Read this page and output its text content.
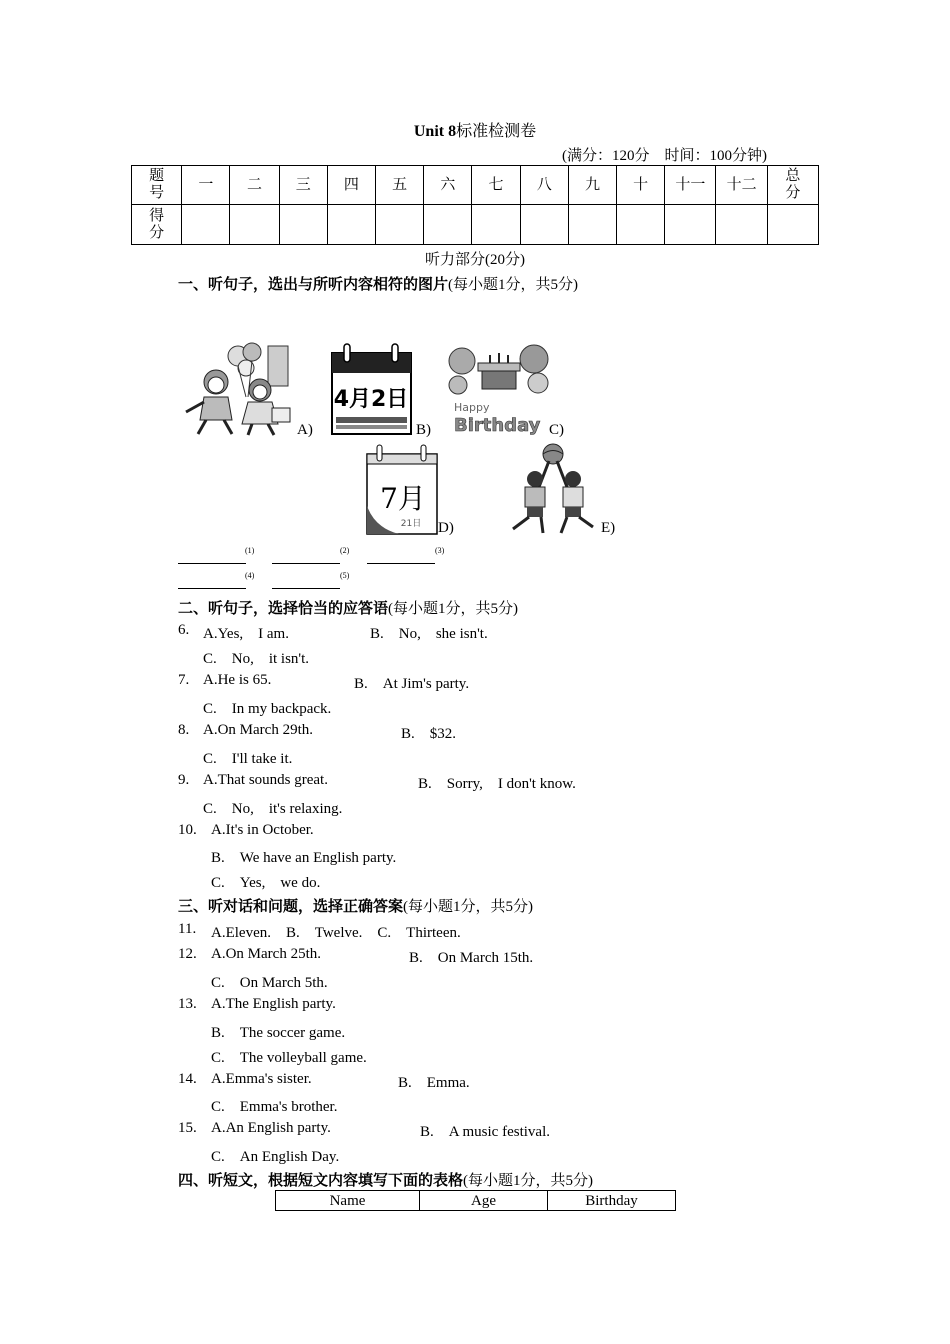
Unit 8标准检测卷
(满分：120分　时间：100分钟)
题号	一	二	三	四	五	六	七	八	九	十	十一	十二	总分
得分													
听力部分(20分)
一、听句子，选出与所听内容相符的图片(每小题1分，共5分)
A)
4月2日
B)
Happy
Birthday C)
7月
21日 D)	E)
(1)	(2)	(3)
(4)	(5)
二、听句子，选择恰当的应答语(每小题1分，共5分)
6. A.Yes,　I am.	B.　No,　she isn't.
C.　No,　it isn't.
7. A.He is 65.	B.　At Jim's party.
C.　In my backpack.
8. A.On March 29th.	B.　$32.
C.　I'll take it.
9. A.That sounds great.	B.　Sorry,　I don't know.
C.　No,　it's relaxing.
10. A.It's in October.
B.　We have an English party.
C.　Yes,　we do.
三、听对话和问题，选择正确答案(每小题1分，共5分)
11. A.Eleven.　B.　Twelve.　C.　Thirteen.
12. A.On March 25th.	B.　On March 15th.
C.　On March 5th.
13. A.The English party.
B.　The soccer game.
C.　The volleyball game.
14. A.Emma's sister.	B.　Emma.
C.　Emma's brother.
15. A.An English party.	B.　A music festival.
C.　An English Day.
四、听短文，根据短文内容填写下面的表格(每小题1分，共5分)
Name	Age	Birthday
